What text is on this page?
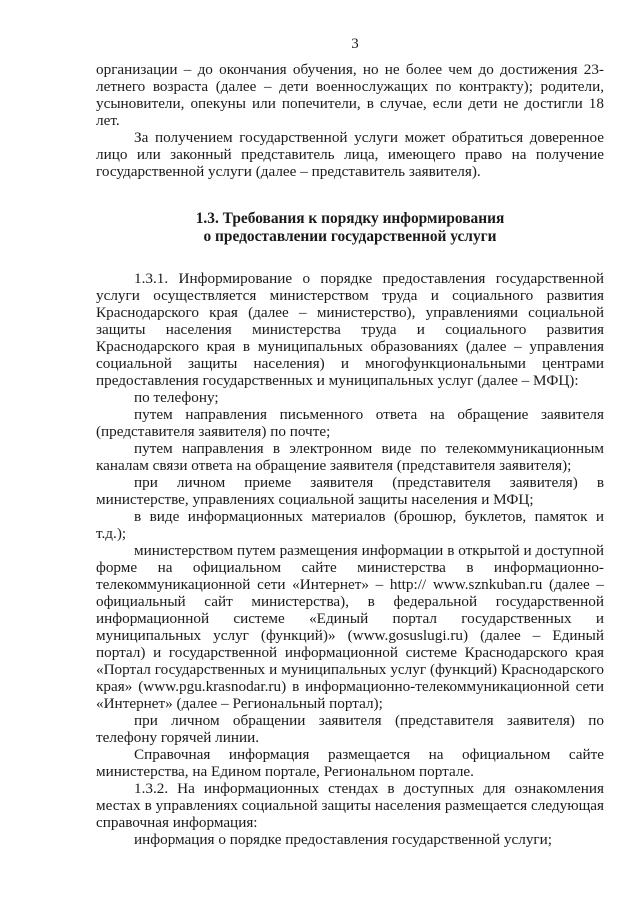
3

организации – до окончания обучения, но не более чем до достижения 23-летнего возраста (далее – дети военнослужащих по контракту); родители, усыновители, опекуны или попечители, в случае, если дети не достигли 18 лет.

За получением государственной услуги может обратиться доверенное лицо или законный представитель лица, имеющего право на получение государственной услуги (далее – представитель заявителя).

1.3. Требования к порядку информирования
о предоставлении государственной услуги

1.3.1. Информирование о порядке предоставления государственной услуги осуществляется министерством труда и социального развития Краснодарского края (далее – министерство), управлениями социальной защиты населения министерства труда и социального развития Краснодарского края в муниципальных образованиях (далее – управления социальной защиты населения) и многофункциональными центрами предоставления государственных и муниципальных услуг (далее – МФЦ):

по телефону;

путем направления письменного ответа на обращение заявителя (представителя заявителя) по почте;

путем направления в электронном виде по телекоммуникационным каналам связи ответа на обращение заявителя (представителя заявителя);

при личном приеме заявителя (представителя заявителя) в министерстве, управлениях социальной защиты населения и МФЦ;

в виде информационных материалов (брошюр, буклетов, памяток и т.д.);

министерством путем размещения информации в открытой и доступной форме на официальном сайте министерства в информационно-телекоммуникационной сети «Интернет» – http:// www.sznkuban.ru (далее – официальный сайт министерства), в федеральной государственной информационной системе «Единый портал государственных и муниципальных услуг (функций)» (www.gosuslugi.ru) (далее – Единый портал) и государственной информационной системе Краснодарского края «Портал государственных и муниципальных услуг (функций) Краснодарского края» (www.pgu.krasnodar.ru) в информационно-телекоммуникационной сети «Интернет» (далее – Региональный портал);

при личном обращении заявителя (представителя заявителя) по телефону горячей линии.

Справочная информация размещается на официальном сайте министерства, на Едином портале, Региональном портале.

1.3.2. На информационных стендах в доступных для ознакомления местах в управлениях социальной защиты населения размещается следующая справочная информация:

информация о порядке предоставления государственной услуги;
